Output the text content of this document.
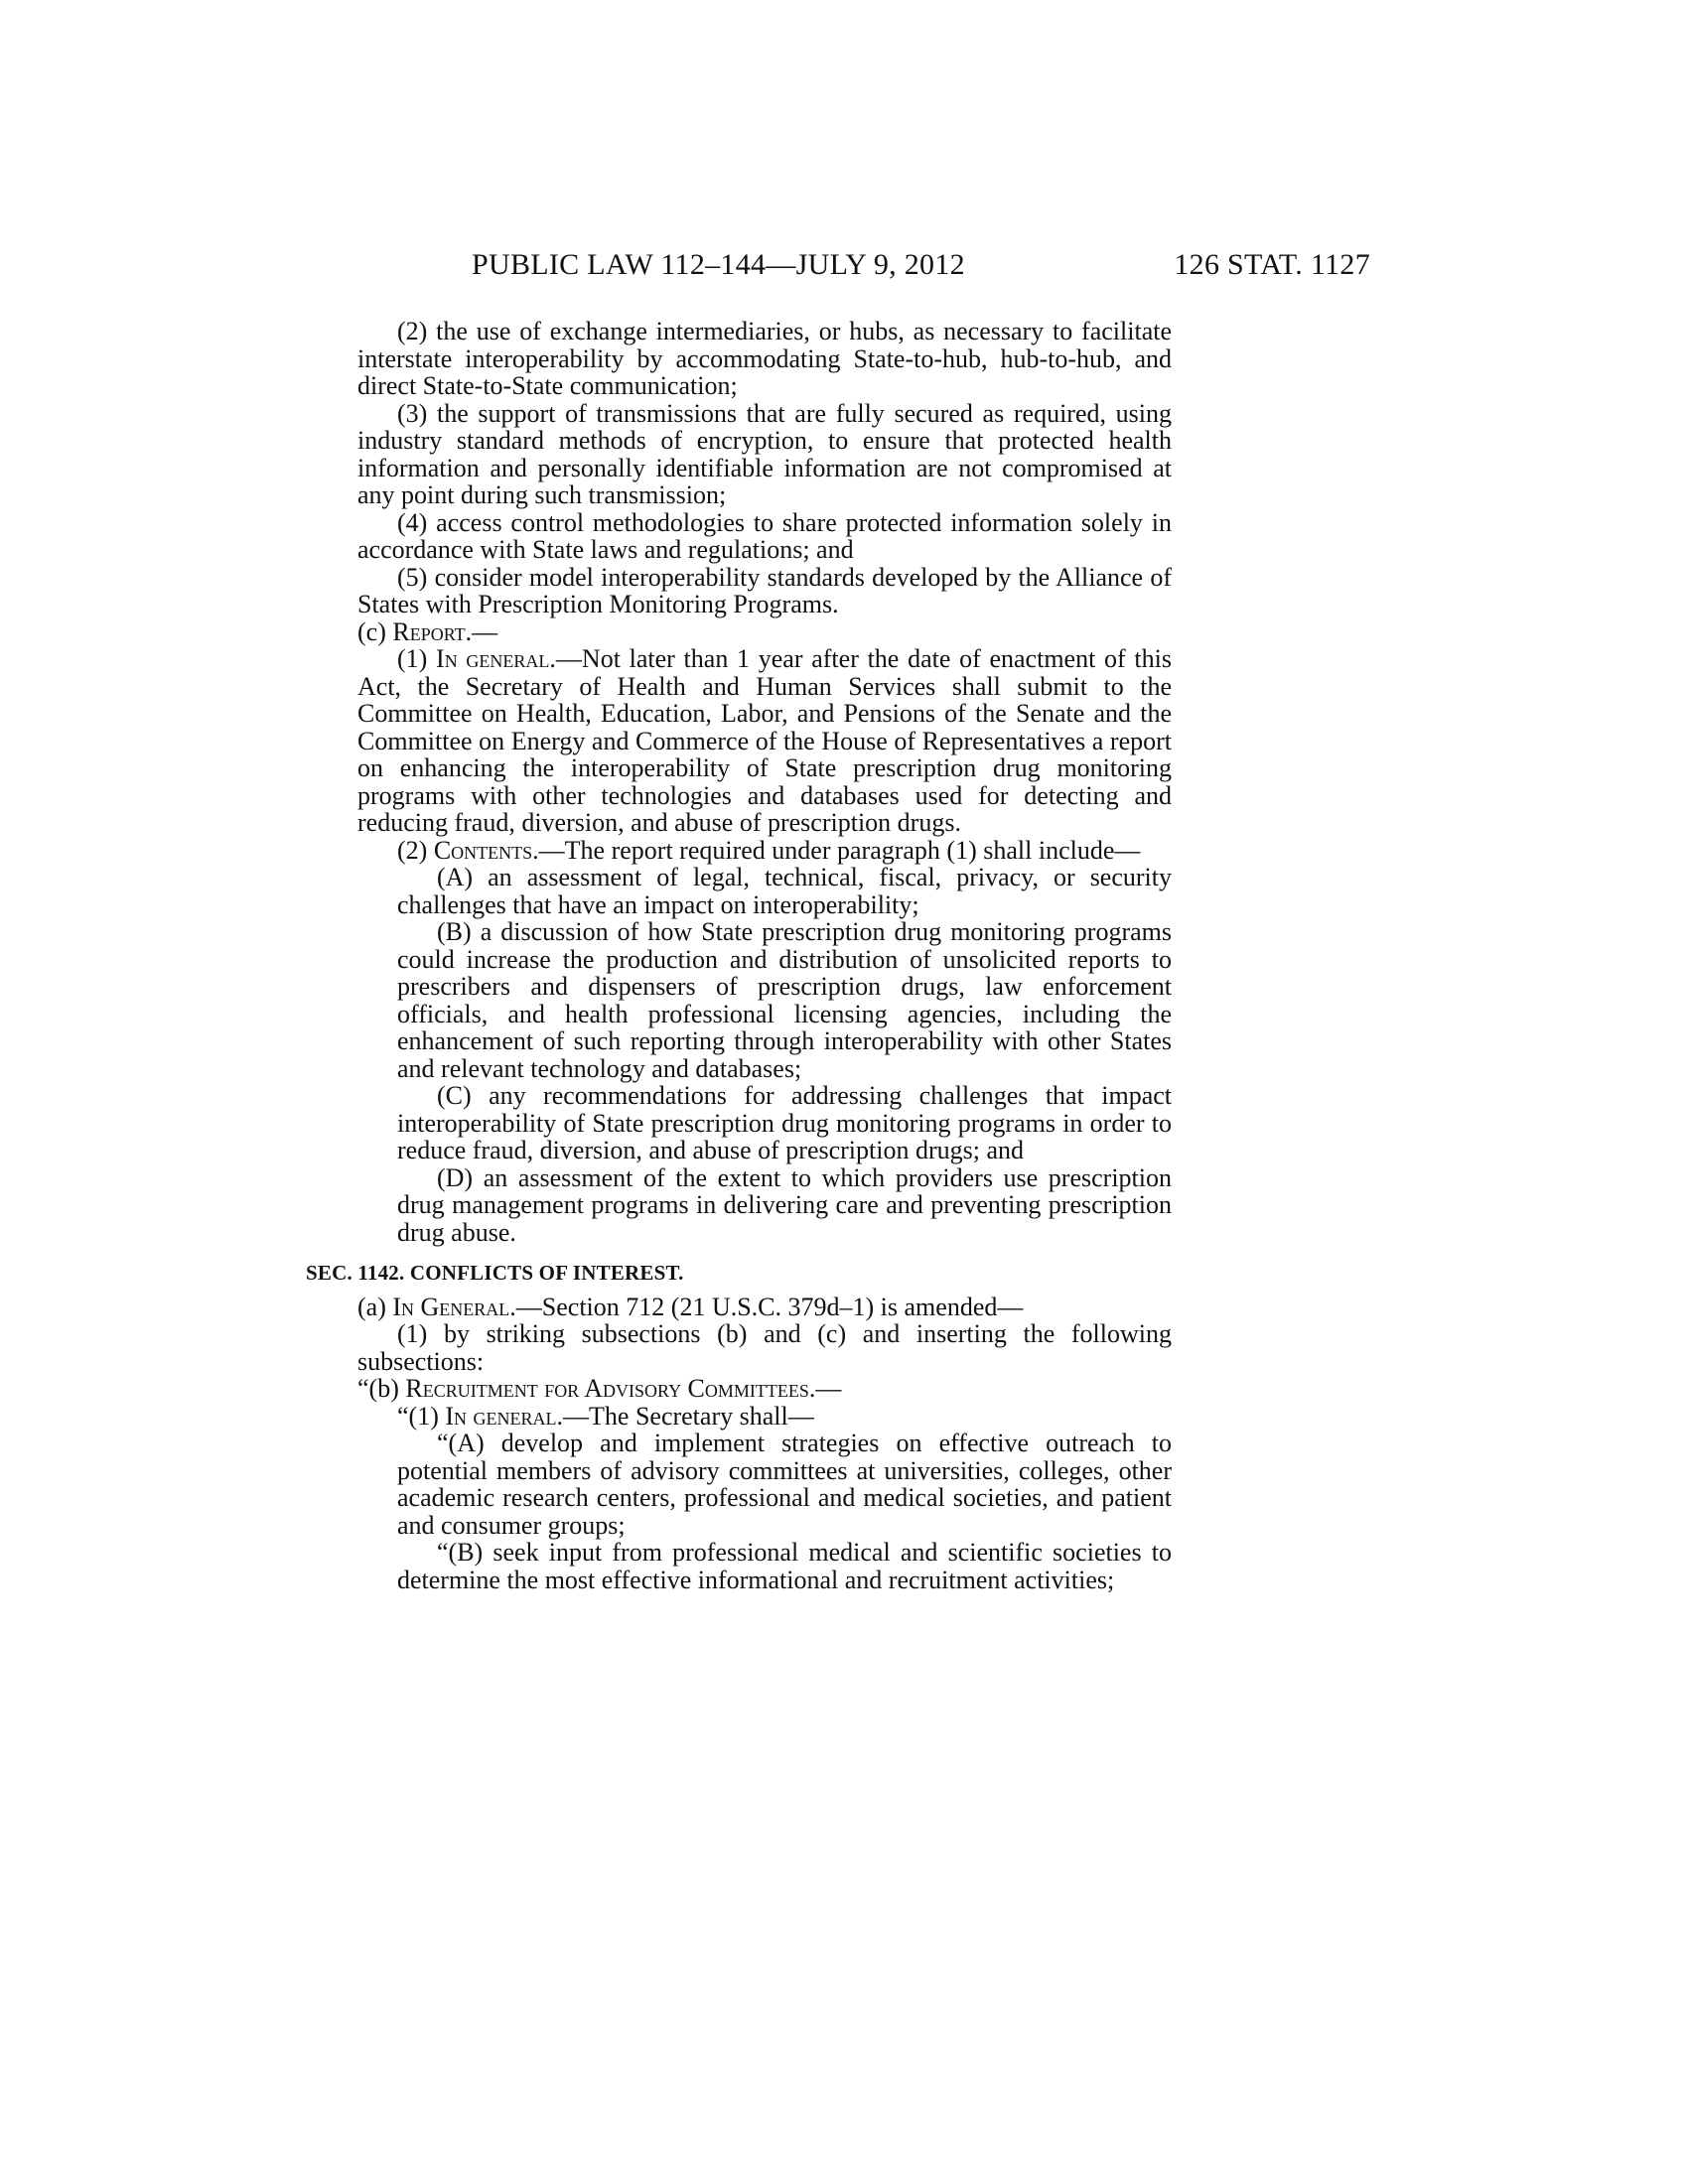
PUBLIC LAW 112–144—JULY 9, 2012	126 STAT. 1127

(2) the use of exchange intermediaries, or hubs, as necessary to facilitate interstate interoperability by accommodating State-to-hub, hub-to-hub, and direct State-to-State communication;

(3) the support of transmissions that are fully secured as required, using industry standard methods of encryption, to ensure that protected health information and personally identifiable information are not compromised at any point during such transmission;

(4) access control methodologies to share protected information solely in accordance with State laws and regulations; and

(5) consider model interoperability standards developed by the Alliance of States with Prescription Monitoring Programs.

(c) Report.—

(1) In general.—Not later than 1 year after the date of enactment of this Act, the Secretary of Health and Human Services shall submit to the Committee on Health, Education, Labor, and Pensions of the Senate and the Committee on Energy and Commerce of the House of Representatives a report on enhancing the interoperability of State prescription drug monitoring programs with other technologies and databases used for detecting and reducing fraud, diversion, and abuse of prescription drugs.

(2) Contents.—The report required under paragraph (1) shall include—

(A) an assessment of legal, technical, fiscal, privacy, or security challenges that have an impact on interoperability;

(B) a discussion of how State prescription drug monitoring programs could increase the production and distribution of unsolicited reports to prescribers and dispensers of prescription drugs, law enforcement officials, and health professional licensing agencies, including the enhancement of such reporting through interoperability with other States and relevant technology and databases;

(C) any recommendations for addressing challenges that impact interoperability of State prescription drug monitoring programs in order to reduce fraud, diversion, and abuse of prescription drugs; and

(D) an assessment of the extent to which providers use prescription drug management programs in delivering care and preventing prescription drug abuse.

SEC. 1142. CONFLICTS OF INTEREST.

(a) In General.—Section 712 (21 U.S.C. 379d–1) is amended—

(1) by striking subsections (b) and (c) and inserting the following subsections:

“(b) Recruitment for Advisory Committees.—

“(1) In general.—The Secretary shall—

“(A) develop and implement strategies on effective outreach to potential members of advisory committees at universities, colleges, other academic research centers, professional and medical societies, and patient and consumer groups;

“(B) seek input from professional medical and scientific societies to determine the most effective informational and recruitment activities;
